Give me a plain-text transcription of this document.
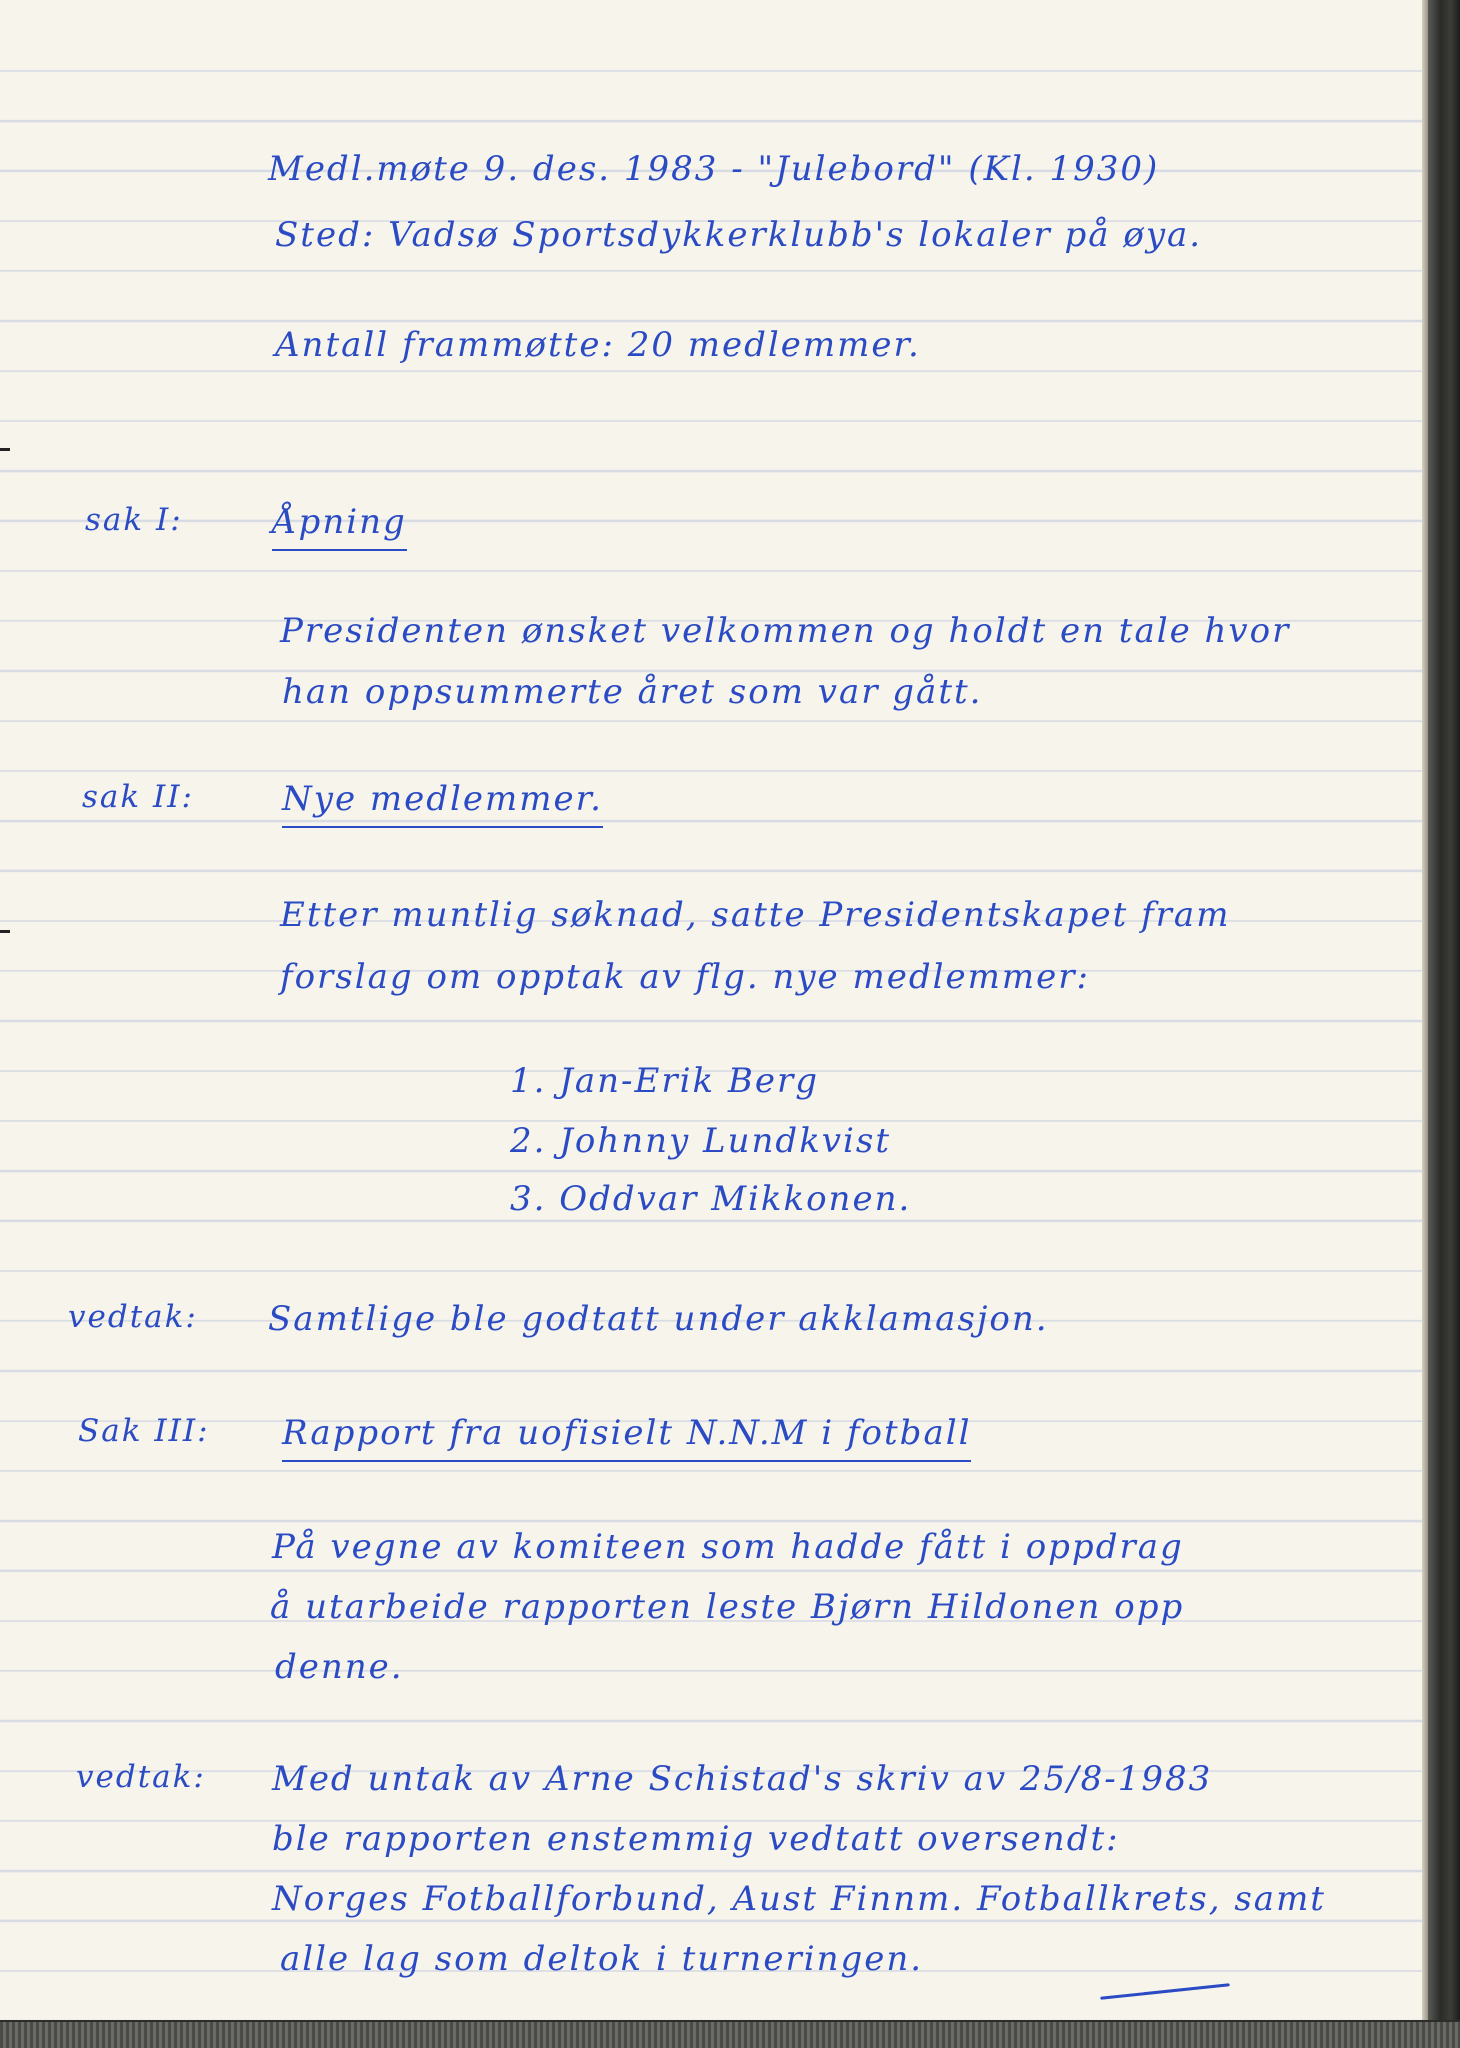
Medl.møte 9. des. 1983 - "Julebord" (Kl. 1930)
Sted: Vadsø Sportsdykkerklubb's lokaler på øya.
Antall frammøtte: 20 medlemmer.
sak I:	Åpning
Presidenten ønsket velkommen og holdt en tale hvor
han oppsummerte året som var gått.
sak II:	Nye medlemmer.
Etter muntlig søknad, satte Presidentskapet fram
forslag om opptak av flg. nye medlemmer:
1. Jan-Erik Berg
2. Johnny Lundkvist
3. Oddvar Mikkonen.
vedtak: Samtlige ble godtatt under akklamasjon.
Sak III: Rapport fra uofisielt N.N.M i fotball
På vegne av komiteen som hadde fått i oppdrag
å utarbeide rapporten leste Bjørn Hildonen opp
denne.
vedtak: Med untak av Arne Schistad's skriv av 25/8-1983
ble rapporten enstemmig vedtatt oversendt:
Norges Fotballforbund, Aust Finnm. Fotballkrets, samt
alle lag som deltok i turneringen.
